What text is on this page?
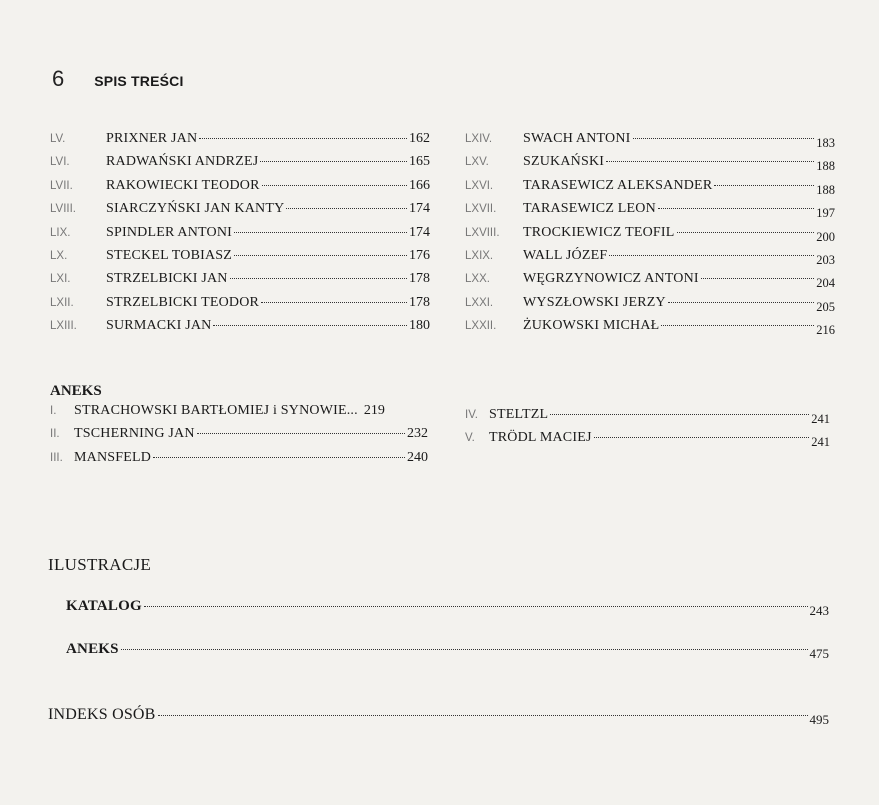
6 SPIS TREŚCI
LV.	PRIXNER JAN	162
LVI.	RADWAŃSKI ANDRZEJ	165
LVII.	RAKOWIECKI TEODOR	166
LVIII.	SIARCZYŃSKI JAN KANTY	174
LIX.	SPINDLER ANTONI	174
LX.	STECKEL TOBIASZ	176
LXI.	STRZELBICKI JAN	178
LXII.	STRZELBICKI TEODOR	178
LXIII.	SURMACKI JAN	180
LXIV.	SWACH ANTONI	183
LXV.	SZUKAŃSKI	188
LXVI.	TARASEWICZ ALEKSANDER	188
LXVII.	TARASEWICZ LEON	197
LXVIII.	TROCKIEWICZ TEOFIL	200
LXIX.	WALL JÓZEF	203
LXX.	WĘGRZYNOWICZ ANTONI	204
LXXI.	WYSZŁOWSKI JERZY	205
LXXII.	ŻUKOWSKI MICHAŁ	216
ANEKS
I.	STRACHOWSKI BARTŁOMIEJ i SYNOWIE... 219
II.	TSCHERNING JAN	232
III. MANSFELD	240
IV. STELTZL	241
V.	TRÖDL MACIEJ	241
ILUSTRACJE
KATALOG	243
ANEKS	475
INDEKS OSÓB	495
